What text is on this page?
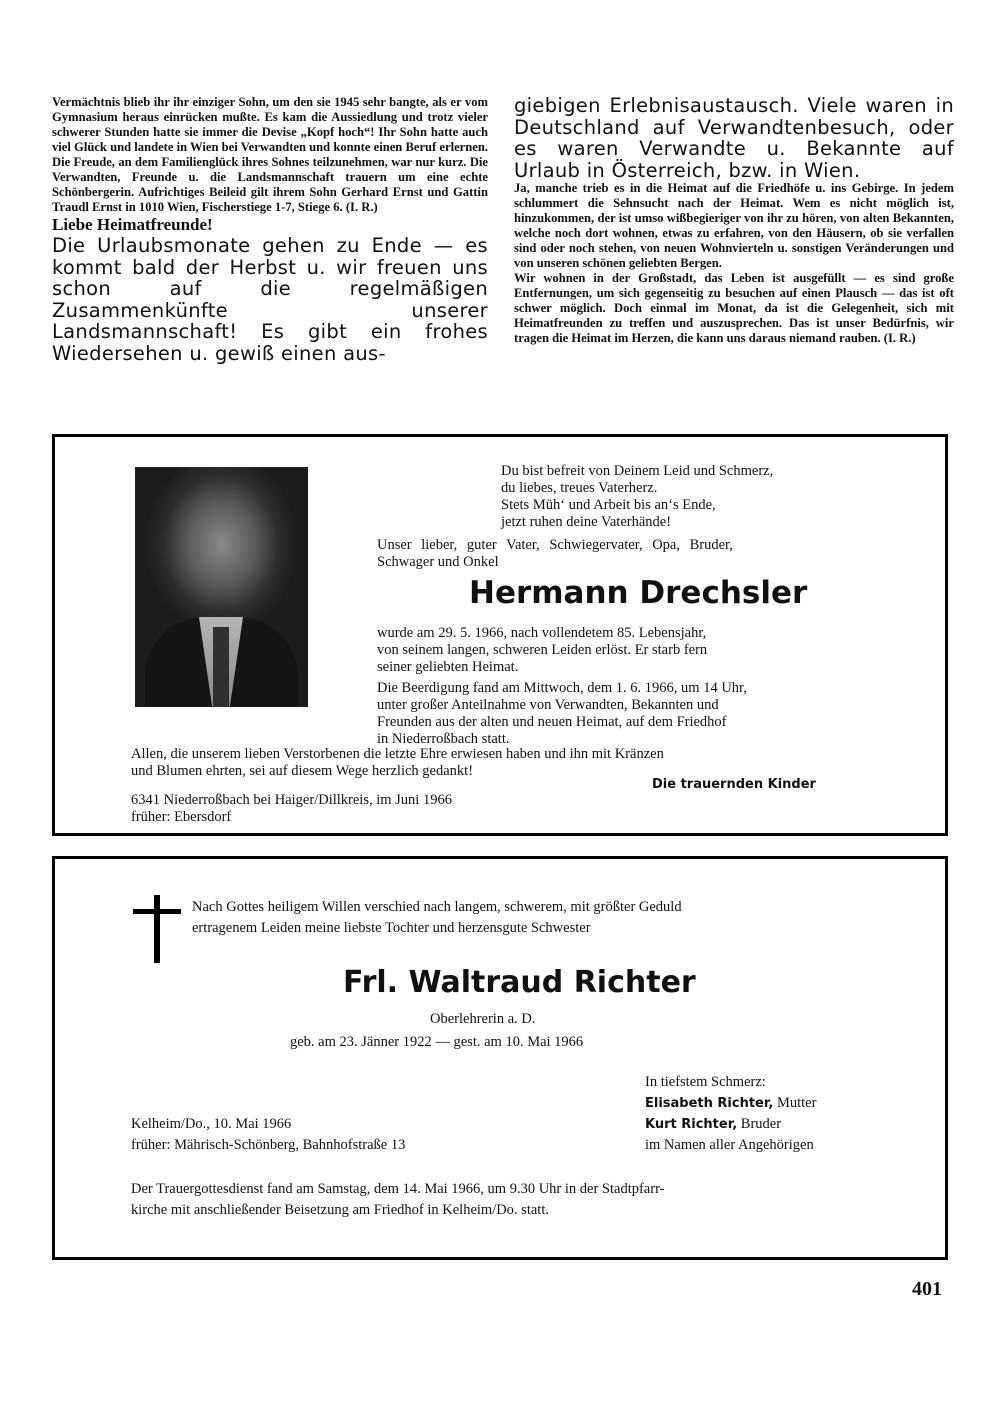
Vermächtnis blieb ihr ihr einziger Sohn, um den sie 1945 sehr bangte, als er vom Gymnasium heraus einrücken mußte. Es kam die Aussiedlung und trotz vieler schwerer Stunden hatte sie immer die Devise „Kopf hoch“! Ihr Sohn hatte auch viel Glück und landete in Wien bei Verwandten und konnte einen Beruf erlernen. Die Freude, an dem Familienglück ihres Sohnes teilzunehmen, war nur kurz. Die Verwandten, Freunde u. die Landsmannschaft trauern um eine echte Schönbergerin. Aufrichtiges Beileid gilt ihrem Sohn Gerhard Ernst und Gattin Traudl Ernst in 1010 Wien, Fischerstiege 1-7, Stiege 6. (I. R.)

Liebe Heimatfreunde!

Die Urlaubsmonate gehen zu Ende — es kommt bald der Herbst u. wir freuen uns schon auf die regelmäßigen Zusammenkünfte unserer Landsmannschaft! Es gibt ein frohes Wiedersehen u. gewiß einen aus-

giebigen Erlebnisaustausch. Viele waren in Deutschland auf Verwandtenbesuch, oder es waren Verwandte u. Bekannte auf Urlaub in Österreich, bzw. in Wien.

Ja, manche trieb es in die Heimat auf die Friedhöfe u. ins Gebirge. In jedem schlummert die Sehnsucht nach der Heimat. Wem es nicht möglich ist, hinzukommen, der ist umso wißbegieriger von ihr zu hören, von alten Bekannten, welche noch dort wohnen, etwas zu erfahren, von den Häusern, ob sie verfallen sind oder noch stehen, von neuen Wohnvierteln u. sonstigen Veränderungen und von unseren schönen geliebten Bergen.

Wir wohnen in der Großstadt, das Leben ist ausgefüllt — es sind große Entfernungen, um sich gegenseitig zu besuchen auf einen Plausch — das ist oft schwer möglich. Doch einmal im Monat, da ist die Gelegenheit, sich mit Heimatfreunden zu treffen und auszusprechen. Das ist unser Bedürfnis, wir tragen die Heimat im Herzen, die kann uns daraus niemand rauben. (I. R.)

Du bist befreit von Deinem Leid und Schmerz,

du liebes, treues Vaterherz.

Stets Müh‘ und Arbeit bis an‘s Ende,

jetzt ruhen deine Vaterhände!

Unser lieber, guter Vater, Schwiegervater, Opa, Bruder,

Schwager und Onkel

Hermann Drechsler

wurde am 29. 5. 1966, nach vollendetem 85. Lebensjahr,

von seinem langen, schweren Leiden erlöst. Er starb fern

seiner geliebten Heimat.

Die Beerdigung fand am Mittwoch, dem 1. 6. 1966, um 14 Uhr,

unter großer Anteilnahme von Verwandten, Bekannten und

Freunden aus der alten und neuen Heimat, auf dem Friedhof

in Niederroßbach statt.

Allen, die unserem lieben Verstorbenen die letzte Ehre erwiesen haben und ihn mit Kränzen

und Blumen ehrten, sei auf diesem Wege herzlich gedankt!

Die trauernden Kinder

6341 Niederroßbach bei Haiger/Dillkreis, im Juni 1966

früher: Ebersdorf

Nach Gottes heiligem Willen verschied nach langem, schwerem, mit größter Geduld

ertragenem Leiden meine liebste Tochter und herzensgute Schwester

Frl. Waltraud Richter

Oberlehrerin a. D.

geb. am 23. Jänner 1922 — gest. am 10. Mai 1966

In tiefstem Schmerz:

Elisabeth Richter, Mutter

Kurt Richter, Bruder

im Namen aller Angehörigen

Kelheim/Do., 10. Mai 1966

früher: Mährisch-Schönberg, Bahnhofstraße 13

Der Trauergottesdienst fand am Samstag, dem 14. Mai 1966, um 9.30 Uhr in der Stadtpfarr-

kirche mit anschließender Beisetzung am Friedhof in Kelheim/Do. statt.

401
